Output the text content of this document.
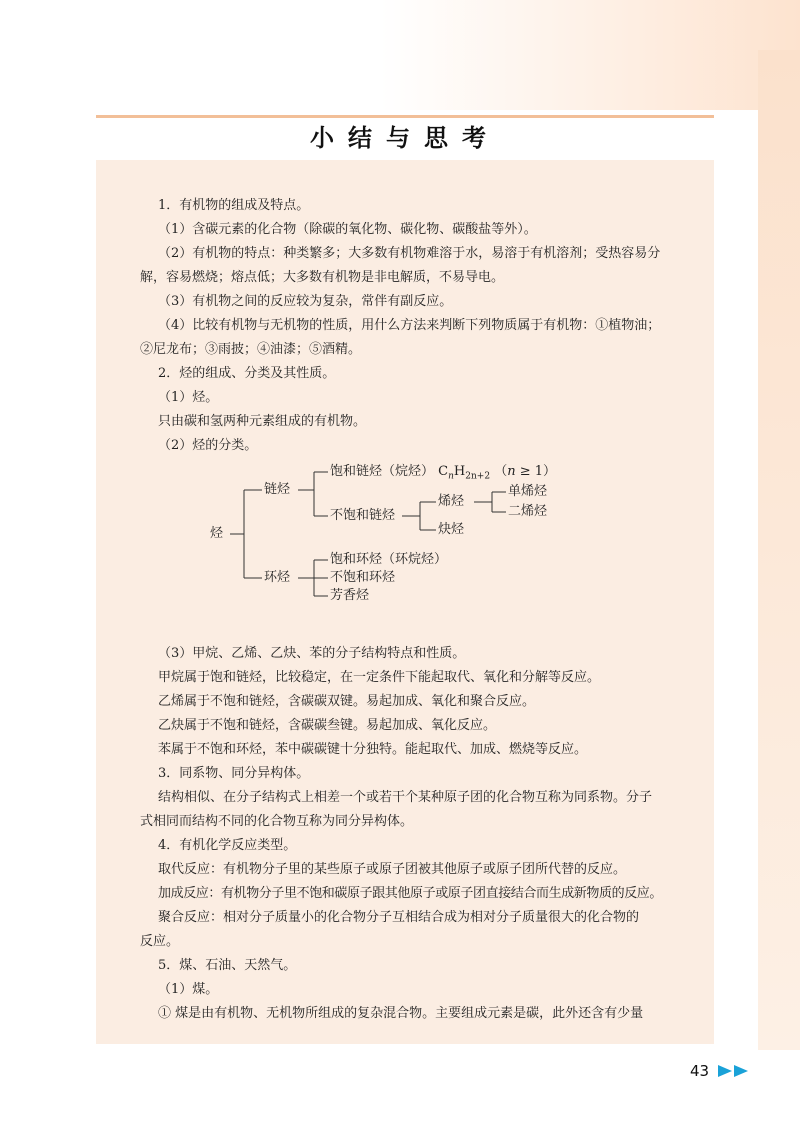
小结与思考

1．有机物的组成及特点。

（1）含碳元素的化合物（除碳的氧化物、碳化物、碳酸盐等外）。

（2）有机物的特点：种类繁多；大多数有机物难溶于水，易溶于有机溶剂；受热容易分

解，容易燃烧；熔点低；大多数有机物是非电解质，不易导电。

（3）有机物之间的反应较为复杂，常伴有副反应。

（4）比较有机物与无机物的性质，用什么方法来判断下列物质属于有机物：①植物油；

②尼龙布；③雨披；④油漆；⑤酒精。

2．烃的组成、分类及其性质。

（1）烃。

只由碳和氢两种元素组成的有机物。

（2）烃的分类。

（3）甲烷、乙烯、乙炔、苯的分子结构特点和性质。

甲烷属于饱和链烃，比较稳定，在一定条件下能起取代、氧化和分解等反应。

乙烯属于不饱和链烃，含碳碳双键。易起加成、氧化和聚合反应。

乙炔属于不饱和链烃，含碳碳叁键。易起加成、氧化反应。

苯属于不饱和环烃，苯中碳碳键十分独特。能起取代、加成、燃烧等反应。

3．同系物、同分异构体。

结构相似、在分子结构式上相差一个或若干个某种原子团的化合物互称为同系物。分子

式相同而结构不同的化合物互称为同分异构体。

4．有机化学反应类型。

取代反应：有机物分子里的某些原子或原子团被其他原子或原子团所代替的反应。

加成反应：有机物分子里不饱和碳原子跟其他原子或原子团直接结合而生成新物质的反应。

聚合反应：相对分子质量小的化合物分子互相结合成为相对分子质量很大的化合物的

反应。

5．煤、石油、天然气。

（1）煤。

① 煤是由有机物、无机物所组成的复杂混合物。主要组成元素是碳，此外还含有少量

烃
链烃
环烃
饱和链烃（烷烃） $C_nH_{2n+2}$ （n ≥ 1）
不饱和链烃
烯烃
炔烃
单烯烃
二烯烃
饱和环烃（环烷烃）
不饱和环烃
芳香烃
43
